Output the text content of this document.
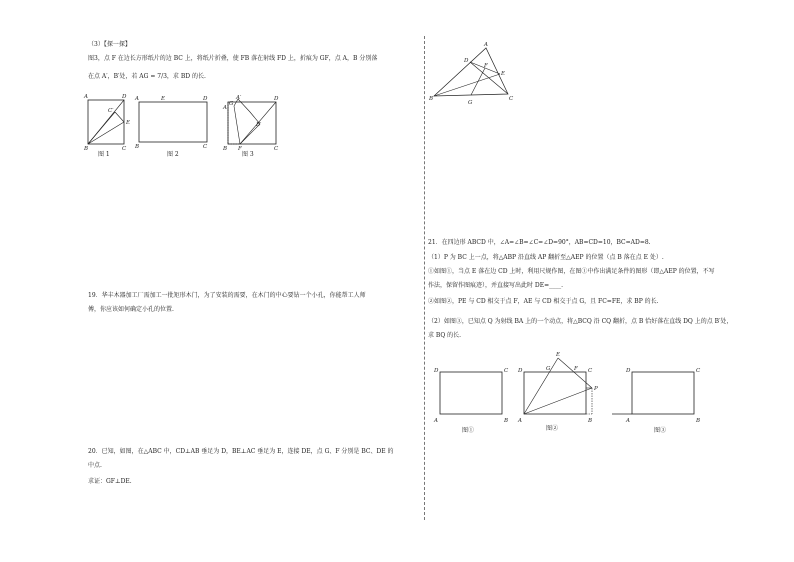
（3）【探一探】
图3，点 F 在边长方形纸片的边 BC 上，将纸片折叠，使 FB 落在射线 FD 上，折痕为 GF，点 A，B 分别落
在点 A′，B′处，若 AG = 7/3，求 BD 的长.
A	D
B	C
C′
E
图 1
A	E	D
B	C
图 2
A
G
A′	D
B′
B F	C
图 3
19．华丰木器加工厂需加工一批矩形木门，为了安装的需要，在木门的中心要钻一个小孔，你能帮工人师
傅，你应该如何确定小孔的位置.
20．已知，如图，在△ABC 中，CD⊥AB 垂足为 D，BE⊥AC 垂足为 E，连接 DE，点 G、F 分别是 BC、DE 的
中点.
求证：GF⊥DE.
A
D
F
E
B
G
C
21．在四边形 ABCD 中，∠A=∠B=∠C=∠D=90°，AB=CD=10，BC=AD=8.
（1）P 为 BC 上一点，将△ABP 沿直线 AP 翻折至△AEP 的位置（点 B 落在点 E 处）.
①如图①，当点 E 落在边 CD 上时，利用尺规作图，在图①中作出满足条件的图形（即△AEP 的位置，不写
作法，保留作图痕迹），并直接写出此时 DE=____.
②如图②，PE 与 CD 相交于点 F，AE 与 CD 相交于点 G，且 FC=FE，求 BP 的长.
（2）如图③，已知点 Q 为射线 BA 上的一个动点，将△BCQ 沿 CQ 翻折，点 B 恰好落在直线 DQ 上的点 B′处，
求 BQ 的长.
D	C
A	B
图①
E
G	F
D	C
P
A	B
图②
D	C
A	B
图③
